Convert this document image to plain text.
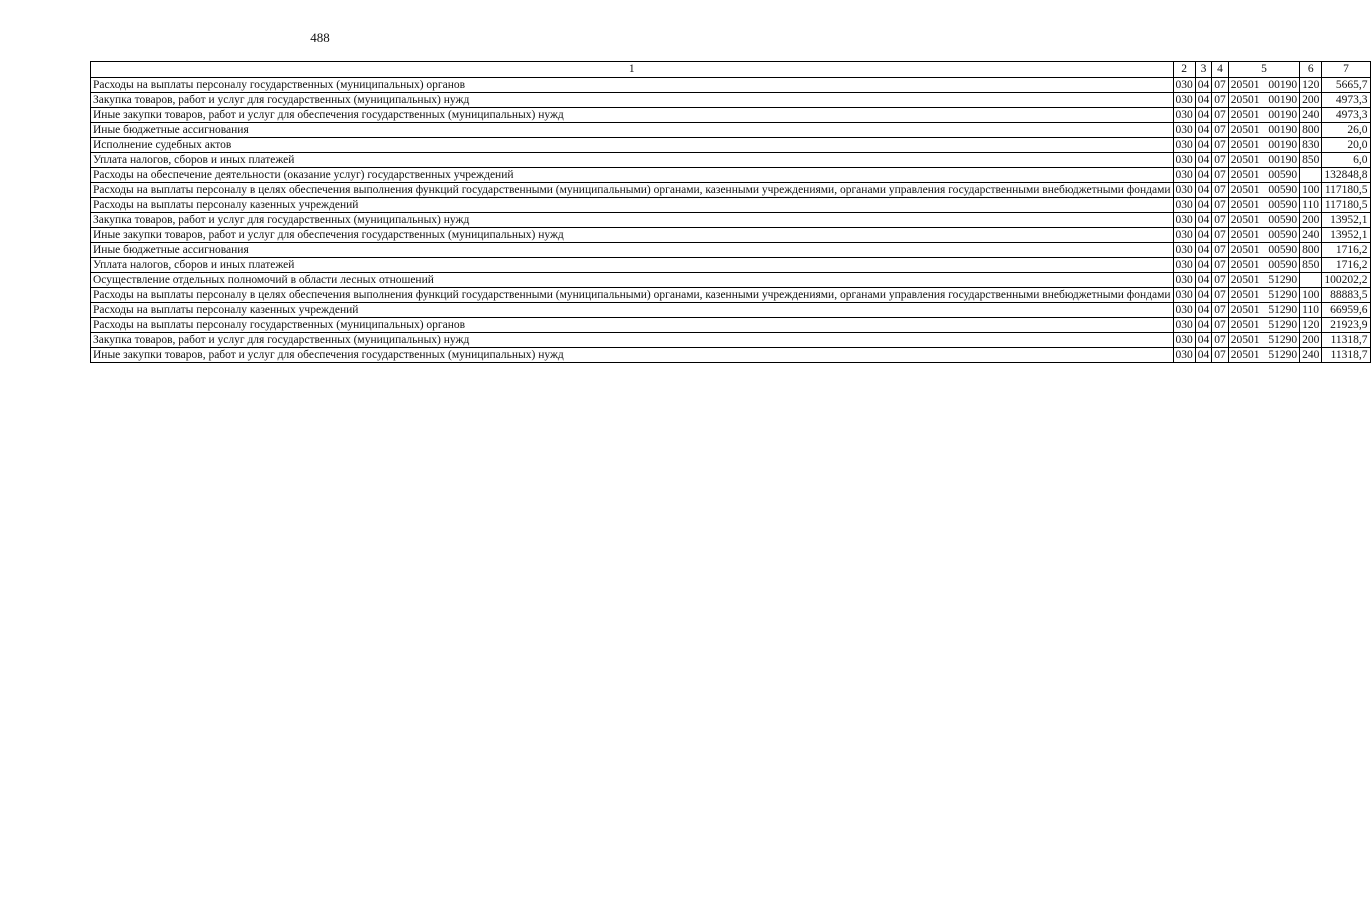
488
1	2	3	4	5	6	7
Расходы на выплаты персоналу государственных (муниципальных) органов	030	04	07	20501 00190	120	5665,7
Закупка товаров, работ и услуг для государственных (муниципальных) нужд	030	04	07	20501 00190	200	4973,3
Иные закупки товаров, работ и услуг для обеспечения государственных (муниципальных) нужд	030	04	07	20501 00190	240	4973,3
Иные бюджетные ассигнования	030	04	07	20501 00190	800	26,0
Исполнение судебных актов	030	04	07	20501 00190	830	20,0
Уплата налогов, сборов и иных платежей	030	04	07	20501 00190	850	6,0
Расходы на обеспечение деятельности (оказание услуг) государственных учреждений	030	04	07	20501 00590		132848,8
Расходы на выплаты персоналу в целях обеспечения выполнения функций государственными (муниципальными) органами, казенными учреждениями, органами управления государственными внебюджетными фондами	030	04	07	20501 00590	100	117180,5
Расходы на выплаты персоналу казенных учреждений	030	04	07	20501 00590	110	117180,5
Закупка товаров, работ и услуг для государственных (муниципальных) нужд	030	04	07	20501 00590	200	13952,1
Иные закупки товаров, работ и услуг для обеспечения государственных (муниципальных) нужд	030	04	07	20501 00590	240	13952,1
Иные бюджетные ассигнования	030	04	07	20501 00590	800	1716,2
Уплата налогов, сборов и иных платежей	030	04	07	20501 00590	850	1716,2
Осуществление отдельных полномочий в области лесных отношений	030	04	07	20501 51290		100202,2
Расходы на выплаты персоналу в целях обеспечения выполнения функций государственными (муниципальными) органами, казенными учреждениями, органами управления государственными внебюджетными фондами	030	04	07	20501 51290	100	88883,5
Расходы на выплаты персоналу казенных учреждений	030	04	07	20501 51290	110	66959,6
Расходы на выплаты персоналу государственных (муниципальных) органов	030	04	07	20501 51290	120	21923,9
Закупка товаров, работ и услуг для государственных (муниципальных) нужд	030	04	07	20501 51290	200	11318,7
Иные закупки товаров, работ и услуг для обеспечения государственных (муниципальных) нужд	030	04	07	20501 51290	240	11318,7
